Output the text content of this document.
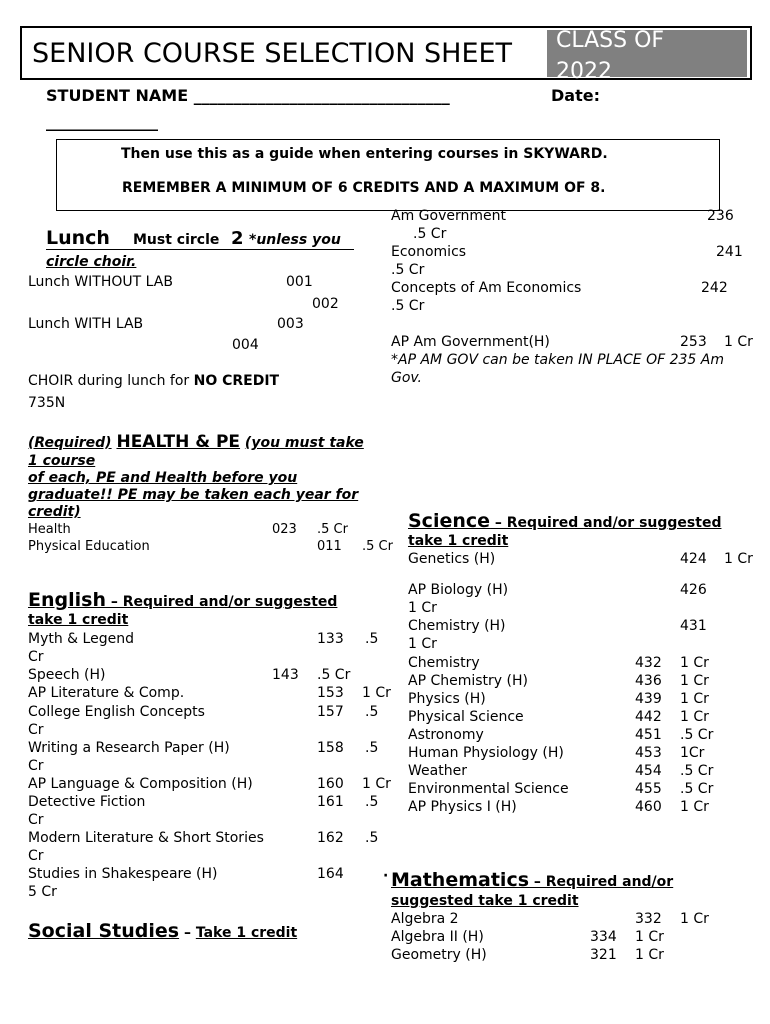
SENIOR COURSE SELECTION SHEET CLASS OF
2022
STUDENT NAME ________________________________	Date:
______________
Then use this as a guide when entering courses in SKYWARD.
REMEMBER A MINIMUM OF 6 CREDITS AND A MAXIMUM OF 8.
Lunch Must circle 2 *unless you
circle choir.
Lunch WITHOUT LAB	001
002
Lunch WITH LAB	003
004
CHOIR during lunch for NO CREDIT
735N
Am Government	236
.5 Cr
Economics	241
.5 Cr
Concepts of Am Economics	242
.5 Cr
AP Am Government(H)	253 1 Cr
*AP AM GOV can be taken IN PLACE OF 235 Am
Gov.
(Required) HEALTH & PE (you must take
1 course
of each, PE and Health before you
graduate!! PE may be taken each year for
credit)
Health	023 .5 Cr
Physical Education	011 .5 Cr
English – Required and/or suggested
take 1 credit
Myth & Legend	133 .5
Cr
Speech (H)	143 .5 Cr
AP Literature & Comp.	153 1 Cr
College English Concepts	157 .5
Cr
Writing a Research Paper (H)	158 .5
Cr
AP Language & Composition (H)	160 1 Cr
Detective Fiction	161 .5
Cr
Modern Literature & Short Stories	162 .5
Cr
Studies in Shakespeare (H)	164
5 Cr
Social Studies – Take 1 credit
Science – Required and/or suggested
take 1 credit
Genetics (H)	424 1 Cr
AP Biology (H)	426
1 Cr
Chemistry (H)	431
1 Cr
Chemistry	432 1 Cr
AP Chemistry (H)	436 1 Cr
Physics (H)	439 1 Cr
Physical Science	442 1 Cr
Astronomy	451 .5 Cr
Human Physiology (H)	453 1Cr
Weather	454 .5 Cr
Environmental Science	455 .5 Cr
AP Physics I (H)	460 1 Cr
· Mathematics – Required and/or
suggested take 1 credit
Algebra 2	332 1 Cr
Algebra II (H)	334 1 Cr
Geometry (H)	321 1 Cr
